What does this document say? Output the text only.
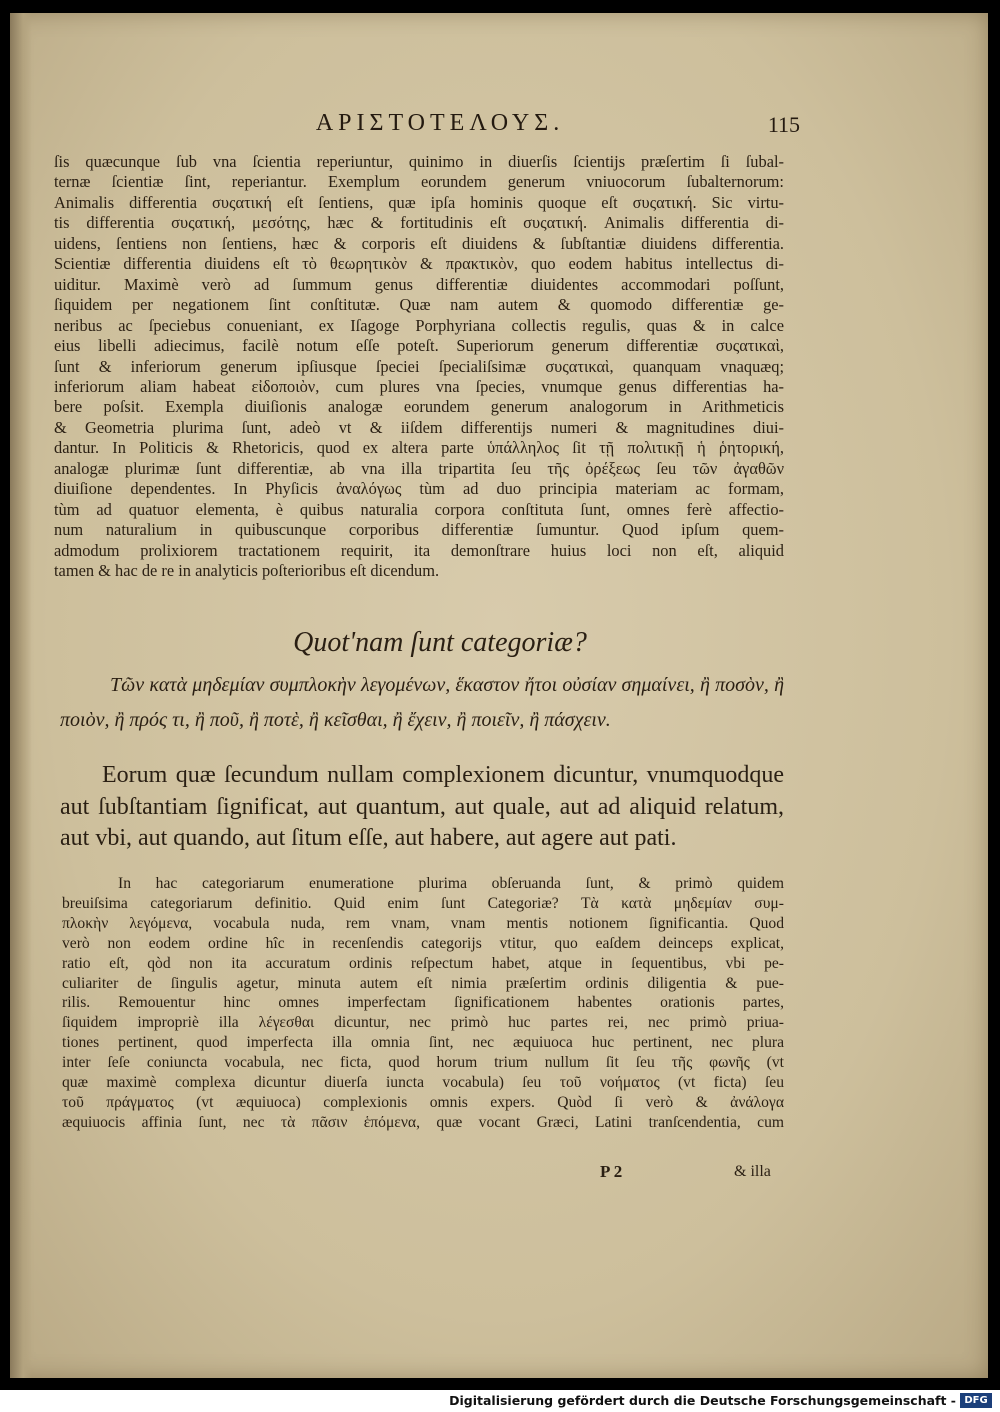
ΑΡΙΣΤΟΤΕΛΟΥΣ.	115
ſis quæcunque ſub vna ſcientia reperiuntur, quinimo in diuerſis ſcientijs præſertim ſi ſubal-
ternæ ſcientiæ ſint, reperiantur. Exemplum eorundem generum vniuocorum ſubalternorum:
Animalis differentia συςατική eſt ſentiens, quæ ipſa hominis quoque eſt συςατική. Sic virtu-
tis differentia συςατική, μεσότης, hæc & fortitudinis eſt συςατική. Animalis differentia di-
uidens, ſentiens non ſentiens, hæc & corporis eſt diuidens & ſubſtantiæ diuidens differentia.
Scientiæ differentia diuidens eſt τὸ θεωρητικὸν & πρακτικὸν, quo eodem habitus intellectus di-
uiditur. Maximè verò ad ſummum genus differentiæ diuidentes accommodari poſſunt,
ſiquidem per negationem ſint conſtitutæ. Quæ nam autem & quomodo differentiæ ge-
neribus ac ſpeciebus conueniant, ex Iſagoge Porphyriana collectis regulis, quas & in calce
eius libelli adiecimus, facilè notum eſſe poteſt. Superiorum generum differentiæ συςατικαὶ,
ſunt & inferiorum generum ipſiusque ſpeciei ſpecialiſsimæ συςατικαὶ, quanquam vnaquæq;
inferiorum aliam habeat εἰδοποιὸν, cum plures vna ſpecies, vnumque genus differentias ha-
bere poſsit. Exempla diuiſionis analogæ eorundem generum analogorum in Arithmeticis
& Geometria plurima ſunt, adeò vt & iiſdem differentijs numeri & magnitudines diui-
dantur. In Politicis & Rhetoricis, quod ex altera parte ὑπάλληλος ſit τῇ πολιτικῇ ἡ ῥητορική,
analogæ plurimæ ſunt differentiæ, ab vna illa tripartita ſeu τῆς ὀρέξεως ſeu τῶν ἀγαθῶν
diuiſione dependentes. In Phyſicis ἀναλόγως tùm ad duo principia materiam ac formam,
tùm ad quatuor elementa, è quibus naturalia corpora conſtituta ſunt, omnes ferè affectio-
num naturalium in quibuscunque corporibus differentiæ ſumuntur. Quod ipſum quem-
admodum prolixiorem tractationem requirit, ita demonſtrare huius loci non eſt, aliquid
tamen & hac de re in analyticis poſterioribus eſt dicendum.
Quot'nam ſunt categoriæ?
Τῶν κατὰ μηδεμίαν συμπλοκὴν λεγομένων, ἕκαστον ἤτοι οὐσίαν σημαίνει, ἢ ποσὸν, ἢ ποιὸν, ἢ πρός τι, ἢ ποῦ, ἢ ποτὲ, ἢ κεῖσθαι, ἢ ἔχειν, ἢ ποιεῖν, ἢ πάσχειν.
Eorum quæ ſecundum nullam complexionem dicuntur, vnumquodque aut ſubſtantiam ſignificat, aut quantum, aut quale, aut ad aliquid relatum, aut vbi, aut quando, aut ſitum eſſe, aut habere, aut agere aut pati.
In hac categoriarum enumeratione plurima obſeruanda ſunt, & primò quidem
breuiſsima categoriarum definitio. Quid enim ſunt Categoriæ? Τὰ κατὰ μηδεμίαν συμ-
πλοκὴν λεγόμενα, vocabula nuda, rem vnam, vnam mentis notionem ſignificantia. Quod
verò non eodem ordine hîc in recenſendis categorijs vtitur, quo eaſdem deinceps explicat,
ratio eſt, qòd non ita accuratum ordinis reſpectum habet, atque in ſequentibus, vbi pe-
culiariter de ſingulis agetur, minuta autem eſt nimia præſertim ordinis diligentia & pue-
rilis. Remouentur hinc omnes imperfectam ſignificationem habentes orationis partes,
ſiquidem impropriè illa λέγεσθαι dicuntur, nec primò huc partes rei, nec primò priua-
tiones pertinent, quod imperfecta illa omnia ſint, nec æquiuoca huc pertinent, nec plura
inter ſeſe coniuncta vocabula, nec ficta, quod horum trium nullum ſit ſeu τῆς φωνῆς (vt
quæ maximè complexa dicuntur diuerſa iuncta vocabula) ſeu τοῦ νοήματος (vt ficta) ſeu
τοῦ πράγματος (vt æquiuoca) complexionis omnis expers. Quòd ſi verò & ἀνάλογα
æquiuocis affinia ſunt, nec τὰ πᾶσιν ἑπόμενα, quæ vocant Græci, Latini tranſcendentia, cum
P 2	& illa
Digitalisierung gefördert durch die Deutsche Forschungsgemeinschaft - DFG
